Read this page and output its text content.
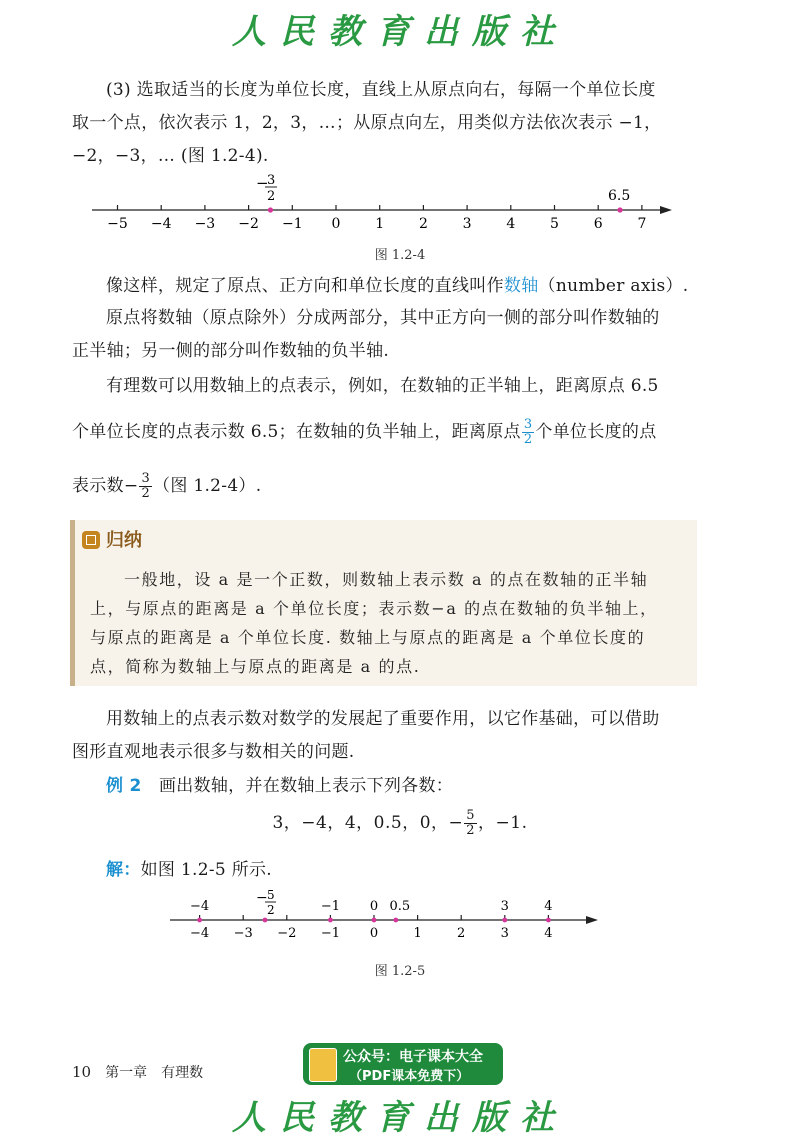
人民教育出版社
(3) 选取适当的长度为单位长度，直线上从原点向右，每隔一个单位长度
取一个点，依次表示 1，2，3，…；从原点向左，用类似方法依次表示 −1，
−2，−3，… (图 1.2-4).
−5 −4 −3 −2 −1 0 1 2 3 4 5 6 7
−
3
2	6.5
图 1.2-4
像这样，规定了原点、正方向和单位长度的直线叫作数轴（number axis）.
原点将数轴（原点除外）分成两部分，其中正方向一侧的部分叫作数轴的
正半轴；另一侧的部分叫作数轴的负半轴.
有理数可以用数轴上的点表示，例如，在数轴的正半轴上，距离原点 6.5
个单位长度的点表示数 6.5；在数轴的负半轴上，距离原点 $\frac{3}{2}$ 个单位长度的点
表示数− $\frac{3}{2}$ （图 1.2-4）.
归纳
一般地，设 a 是一个正数，则数轴上表示数 a 的点在数轴的正半轴
上，与原点的距离是 a 个单位长度；表示数−a 的点在数轴的负半轴上，
与原点的距离是 a 个单位长度. 数轴上与原点的距离是 a 个单位长度的
点，简称为数轴上与原点的距离是 a 的点.
用数轴上的点表示数对数学的发展起了重要作用，以它作基础，可以借助
图形直观地表示很多与数相关的问题.
例 2　 画出数轴，并在数轴上表示下列各数：
3，−4，4，0.5，0，− $\frac{5}{2}$ ，−1.
解：如图 1.2-5 所示.
−4 −3 −2 −1 0	1	2	3	4
−4	−1 0 0.5	3	4
− 5
2
图 1.2-5
10 第一章　有理数
公众号：电子课本大全
（PDF课本免费下）
人民教育出版社
